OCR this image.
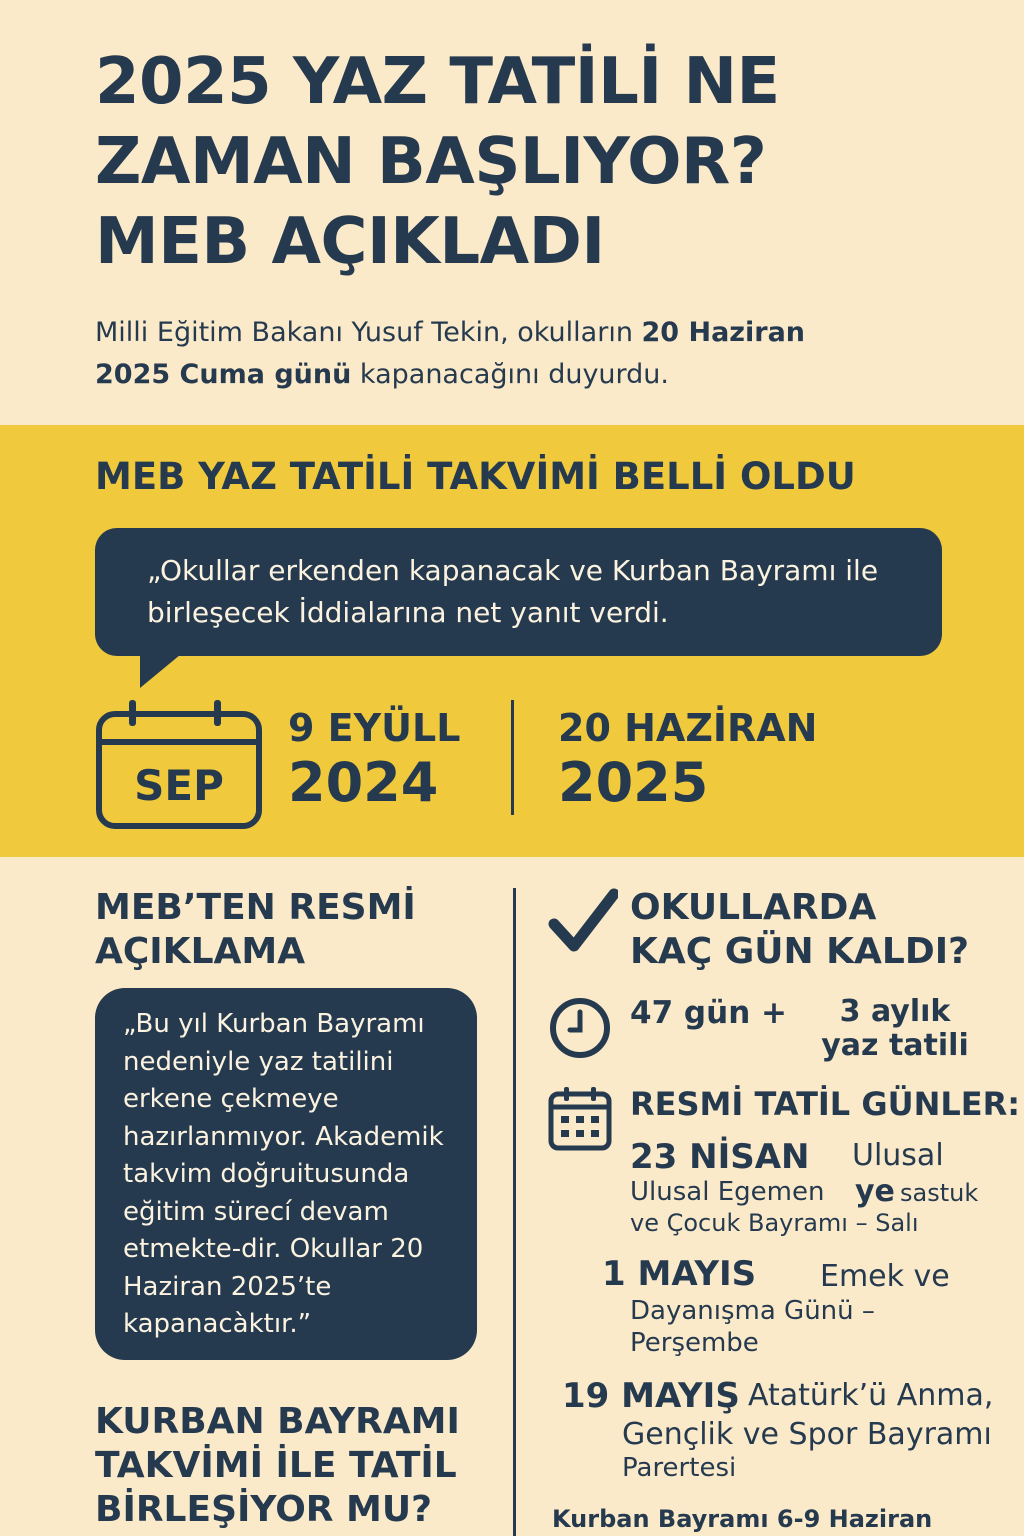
2025 YAZ TATİLİ NE
ZAMAN BAŞLIYOR?
MEB AÇIKLADI
Milli Eğitim Bakanı Yusuf Tekin, okulların 20 Haziran
2025 Cuma günü kapanacağını duyurdu.
MEB YAZ TATİLİ TAKVİMİ BELLİ OLDU
„Okullar erkenden kapanacak ve Kurban Bayramı ile birleşecek İddialarına net yanıt verdi.
SEP
9 EYÜLL
2024
20 HAZİRAN
2025
MEB’TEN RESMİ
AÇIKLAMA
„Bu yıl Kurban Bayramı nedeniyle yaz tatilini erkene çekmeye hazırlanmıyor. Akademik takvim doğruitusunda eğitim sürecí devam etmekte-dir. Okullar 20 Haziran 2025’te kapanacàktır.”
KURBAN BAYRAMI
TAKVİMİ İLE TATİL
BİRLEŞİYOR MU?
OKULLARDA
KAÇ GÜN KALDI?
47 gün +	3 aylık yaz tatili
RESMİ TATİL GÜNLER:
23 NİSAN Ulusal
ye sastuk
Ulusal Egemen
ve Çocuk Bayramı – Salı
1 MAYIS Emek ve
Dayanışma Günü –
Perşembe
19 MAYIŞ Atatürk’ü Anma,
Gençlik ve Spor Bayramı
Parertesi
Kurban Bayramı 6-9 Haziran
